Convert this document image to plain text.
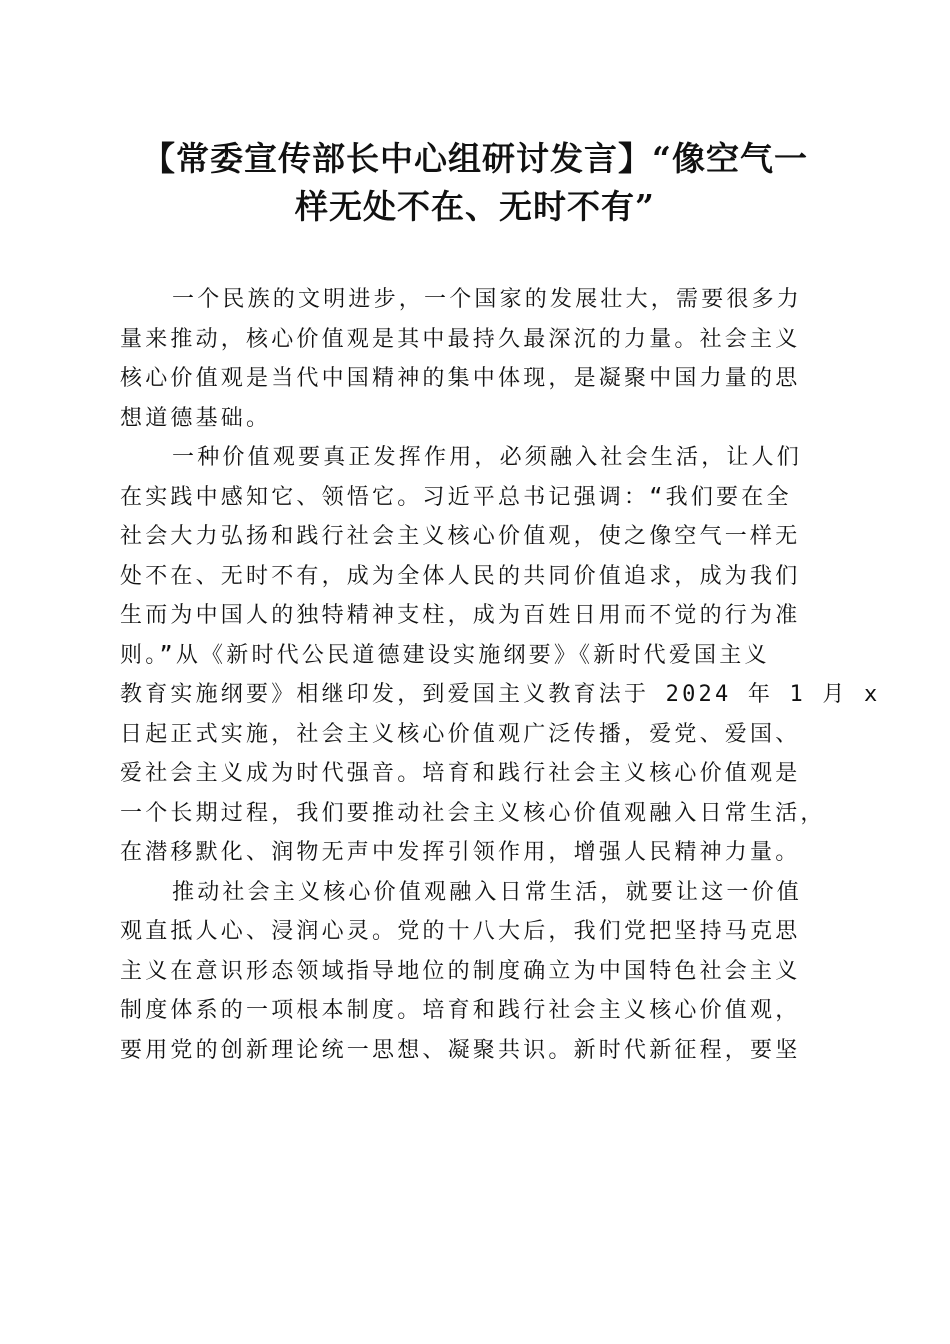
【常委宣传部长中心组研讨发言】“像空气一
样无处不在、无时不有”
一个民族的文明进步，一个国家的发展壮大，需要很多力
量来推动，核心价值观是其中最持久最深沉的力量。社会主义
核心价值观是当代中国精神的集中体现，是凝聚中国力量的思
想道德基础。
一种价值观要真正发挥作用，必须融入社会生活，让人们
在实践中感知它、领悟它。习近平总书记强调：“我们要在全
社会大力弘扬和践行社会主义核心价值观，使之像空气一样无
处不在、无时不有，成为全体人民的共同价值追求，成为我们
生而为中国人的独特精神支柱，成为百姓日用而不觉的行为准
则。”从《新时代公民道德建设实施纲要》《新时代爱国主义
教育实施纲要》相继印发，到爱国主义教育法于 2024 年 1 月 x
日起正式实施，社会主义核心价值观广泛传播，爱党、爱国、
爱社会主义成为时代强音。培育和践行社会主义核心价值观是
一个长期过程，我们要推动社会主义核心价值观融入日常生活，
在潜移默化、润物无声中发挥引领作用，增强人民精神力量。
推动社会主义核心价值观融入日常生活，就要让这一价值
观直抵人心、浸润心灵。党的十八大后，我们党把坚持马克思
主义在意识形态领域指导地位的制度确立为中国特色社会主义
制度体系的一项根本制度。培育和践行社会主义核心价值观，
要用党的创新理论统一思想、凝聚共识。新时代新征程，要坚
